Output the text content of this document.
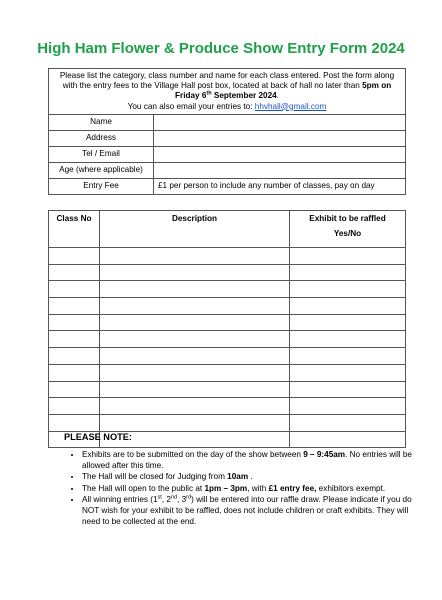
High Ham Flower & Produce Show Entry Form 2024
Please list the category, class number and name for each class entered. Post the form along with the entry fees to the Village Hall post box, located at back of hall no later than 5pm on Friday 6th September 2024.
You can also email your entries to: hhvhall@gmail.com	
Name	
Address	
Tel / Email	
Age (where applicable)	
Entry Fee	£1 per person to include any number of classes, pay on day
Class No	Description	Exhibit to be raffled
Yes/No

PLEASE NOTE:
• Exhibits are to be submitted on the day of the show between 9 – 9:45am. No entries will be allowed after this time.
• The Hall will be closed for Judging from 10am .
• The Hall will open to the public at 1pm – 3pm, with £1 entry fee, exhibitors exempt.
• All winning entries (1st, 2nd, 3rd) will be entered into our raffle draw. Please indicate if you do NOT wish for your exhibit to be raffled, does not include children or craft exhibits. They will need to be collected at the end.
